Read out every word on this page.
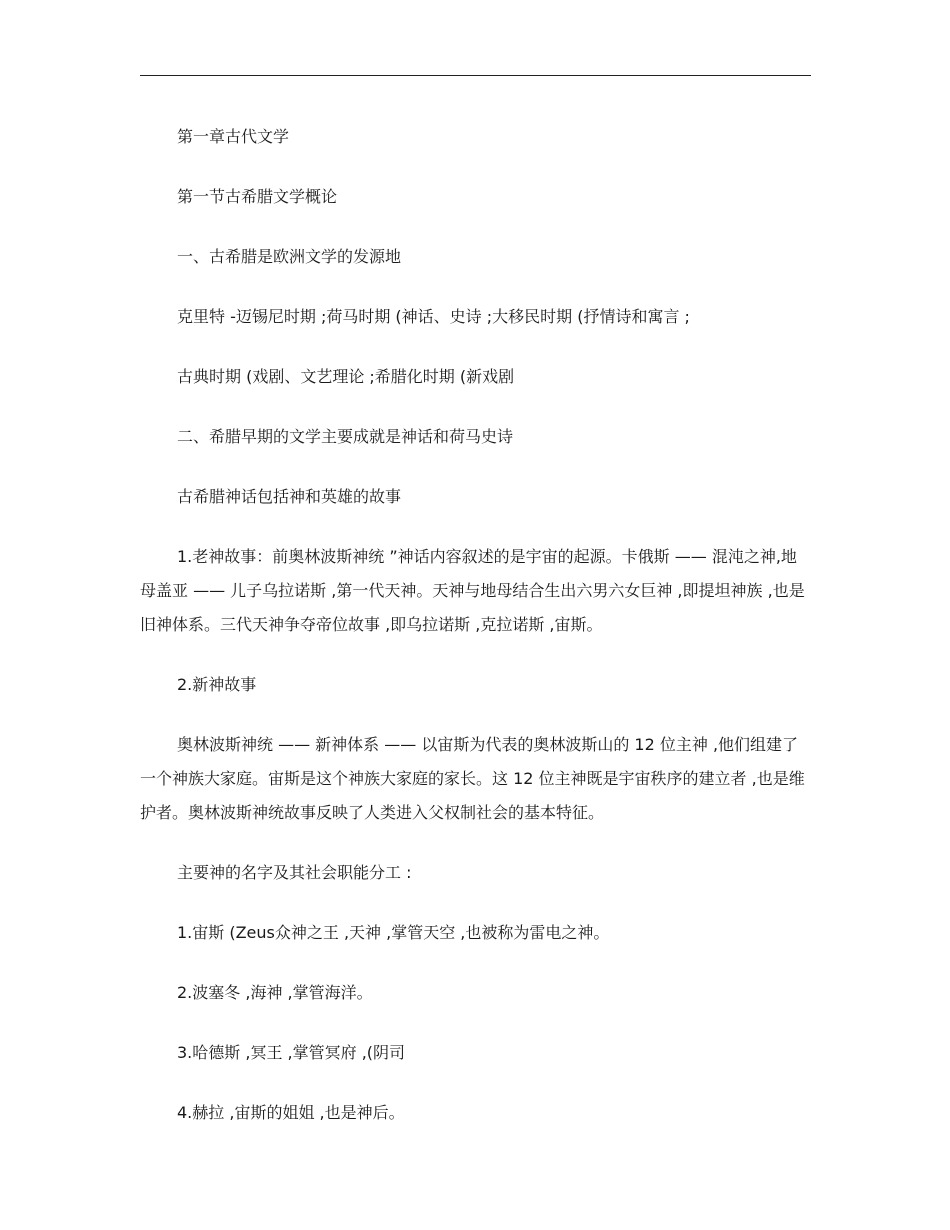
第一章古代文学

第一节古希腊文学概论

一、古希腊是欧洲文学的发源地

克里特 -迈锡尼时期 ;荷马时期 (神话、史诗 ;大移民时期 (抒情诗和寓言 ;

古典时期 (戏剧、文艺理论 ;希腊化时期 (新戏剧

二、希腊早期的文学主要成就是神话和荷马史诗

古希腊神话包括神和英雄的故事

1.老神故事：前奥林波斯神统 ”神话内容叙述的是宇宙的起源。卡俄斯 —— 混沌之神,地母盖亚 —— 儿子乌拉诺斯 ,第一代天神。天神与地母结合生出六男六女巨神 ,即提坦神族 ,也是旧神体系。三代天神争夺帝位故事 ,即乌拉诺斯 ,克拉诺斯 ,宙斯。

2.新神故事

奥林波斯神统 —— 新神体系 —— 以宙斯为代表的奥林波斯山的 12 位主神 ,他们组建了一个神族大家庭。宙斯是这个神族大家庭的家长。这 12 位主神既是宇宙秩序的建立者 ,也是维护者。奥林波斯神统故事反映了人类进入父权制社会的基本特征。

主要神的名字及其社会职能分工 :

1.宙斯 (Zeus众神之王 ,天神 ,掌管天空 ,也被称为雷电之神。

2.波塞冬 ,海神 ,掌管海洋。

3.哈德斯 ,冥王 ,掌管冥府 ,(阴司

4.赫拉 ,宙斯的姐姐 ,也是神后。
